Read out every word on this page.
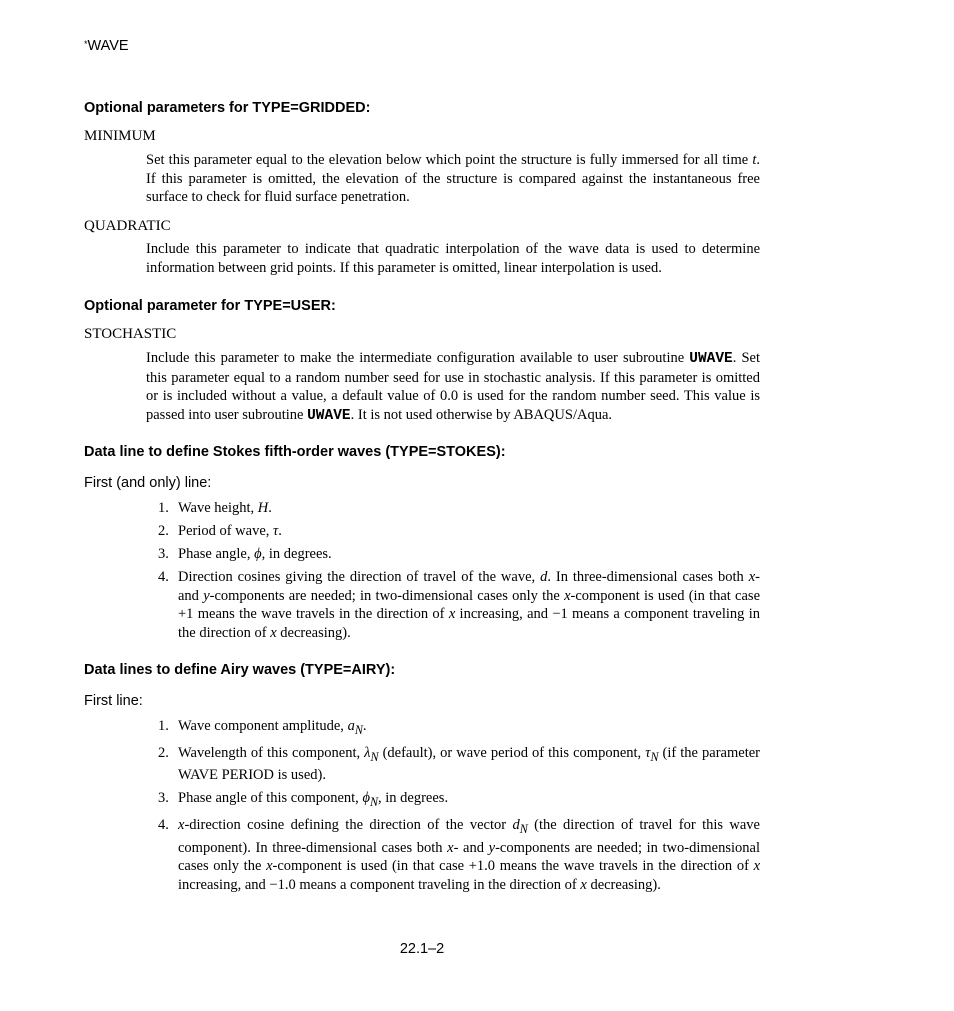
*WAVE
Optional parameters for TYPE=GRIDDED:
MINIMUM
Set this parameter equal to the elevation below which point the structure is fully immersed for all time t. If this parameter is omitted, the elevation of the structure is compared against the instantaneous free surface to check for fluid surface penetration.
QUADRATIC
Include this parameter to indicate that quadratic interpolation of the wave data is used to determine information between grid points. If this parameter is omitted, linear interpolation is used.
Optional parameter for TYPE=USER:
STOCHASTIC
Include this parameter to make the intermediate configuration available to user subroutine UWAVE. Set this parameter equal to a random number seed for use in stochastic analysis. If this parameter is omitted or is included without a value, a default value of 0.0 is used for the random number seed. This value is passed into user subroutine UWAVE. It is not used otherwise by ABAQUS/Aqua.
Data line to define Stokes fifth-order waves (TYPE=STOKES):
First (and only) line:
1. Wave height, H.
2. Period of wave, τ.
3. Phase angle, ϕ, in degrees.
4. Direction cosines giving the direction of travel of the wave, d. In three-dimensional cases both x- and y-components are needed; in two-dimensional cases only the x-component is used (in that case +1 means the wave travels in the direction of x increasing, and −1 means a component traveling in the direction of x decreasing).
Data lines to define Airy waves (TYPE=AIRY):
First line:
1. Wave component amplitude, $a_N$.
2. Wavelength of this component, $\lambda_N$ (default), or wave period of this component, $\tau_N$ (if the parameter WAVE PERIOD is used).
3. Phase angle of this component, $\phi_N$, in degrees.
4. x-direction cosine defining the direction of the vector $d_N$ (the direction of travel for this wave component). In three-dimensional cases both x- and y-components are needed; in two-dimensional cases only the x-component is used (in that case +1.0 means the wave travels in the direction of x increasing, and −1.0 means a component traveling in the direction of x decreasing).
22.1–2
